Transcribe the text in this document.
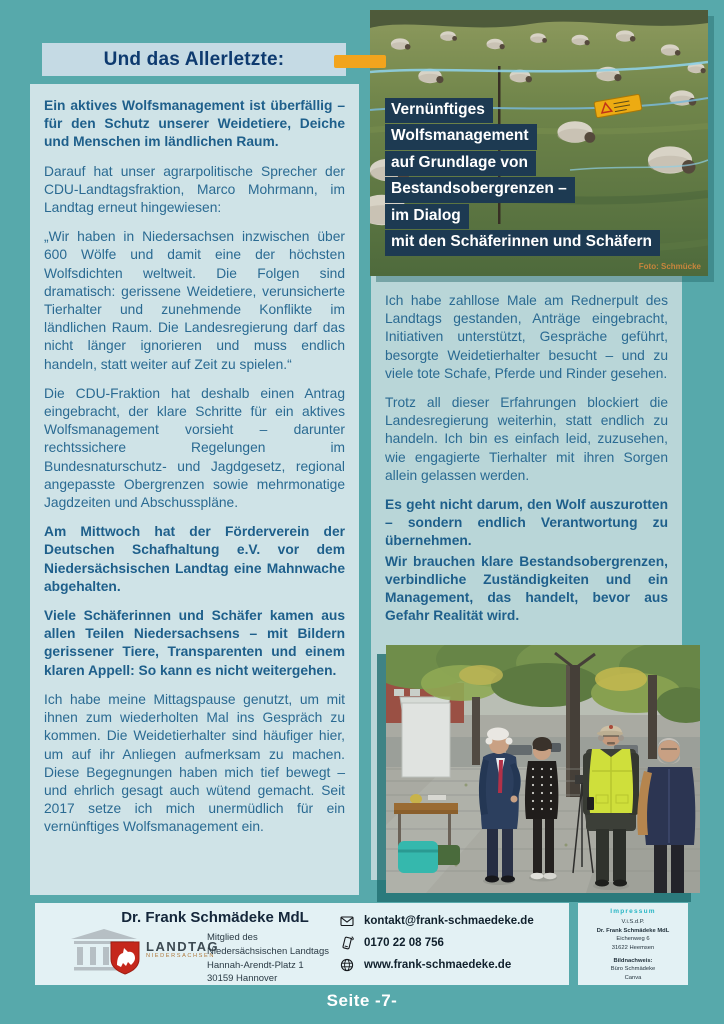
Und das Allerletzte:

Ein aktives Wolfsmanagement ist überfällig – für den Schutz unserer Weidetiere, Deiche und Menschen im ländlichen Raum.

Darauf hat unser agrarpolitische Sprecher der CDU-Landtagsfraktion, Marco Mohrmann, im Landtag erneut hingewiesen:

„Wir haben in Niedersachsen inzwischen über 600 Wölfe und damit eine der höchsten Wolfsdichten weltweit. Die Folgen sind dramatisch: gerissene Weidetiere, verunsicherte Tierhalter und zunehmende Konflikte im ländlichen Raum. Die Landesregierung darf das nicht länger ignorieren und muss endlich handeln, statt weiter auf Zeit zu spielen.“

Die CDU-Fraktion hat deshalb einen Antrag eingebracht, der klare Schritte für ein aktives Wolfsmanagement vorsieht – darunter rechtssichere Regelungen im Bundesnaturschutz- und Jagdgesetz, regional angepasste Obergrenzen sowie mehrmonatige Jagdzeiten und Abschusspläne.

Am Mittwoch hat der Förderverein der Deutschen Schafhaltung e.V. vor dem Niedersächsischen Landtag eine Mahnwache abgehalten.

Viele Schäferinnen und Schäfer kamen aus allen Teilen Niedersachsens – mit Bildern gerissener Tiere, Transparenten und einem klaren Appell: So kann es nicht weitergehen.

Ich habe meine Mittagspause genutzt, um mit ihnen zum wiederholten Mal ins Gespräch zu kommen. Die Weidetierhalter sind häufiger hier, um auf ihr Anliegen aufmerksam zu machen. Diese Begegnungen haben mich tief bewegt – und ehrlich gesagt auch wütend gemacht. Seit 2017 setze ich mich unermüdlich für ein vernünftiges Wolfsmanagement ein.

Vernünftiges
Wolfsmanagement
auf Grundlage von
Bestandsobergrenzen –
im Dialog
mit den Schäferinnen und Schäfern
Foto: Schmücke

Ich habe zahllose Male am Rednerpult des Landtags gestanden, Anträge eingebracht, Initiativen unterstützt, Gespräche geführt, besorgte Weidetierhalter besucht – und zu viele tote Schafe, Pferde und Rinder gesehen.

Trotz all dieser Erfahrungen blockiert die Landesregierung weiterhin, statt endlich zu handeln. Ich bin es einfach leid, zuzusehen, wie engagierte Tierhalter mit ihren Sorgen allein gelassen werden.

Es geht nicht darum, den Wolf auszurotten – sondern endlich Verantwortung zu übernehmen.

Wir brauchen klare Bestandsobergrenzen, verbindliche Zuständigkeiten und ein Management, das handelt, bevor aus Gefahr Realität wird.

Dr. Frank Schmädeke MdL
LANDTAG
NIEDERSACHSEN
Mitglied des
Niedersächsischen Landtags
Hannah-Arendt-Platz 1
30159 Hannover
kontakt@frank-schmaedeke.de
0170 22 08 756
www.frank-schmaedeke.de
Impressum
V.i.S.d.P.
Dr. Frank Schmädeke MdL
Eichenweg 6
31622 Heemsen
Bildnachweis:
Büro Schmädeke
Canva
Seite -7-
